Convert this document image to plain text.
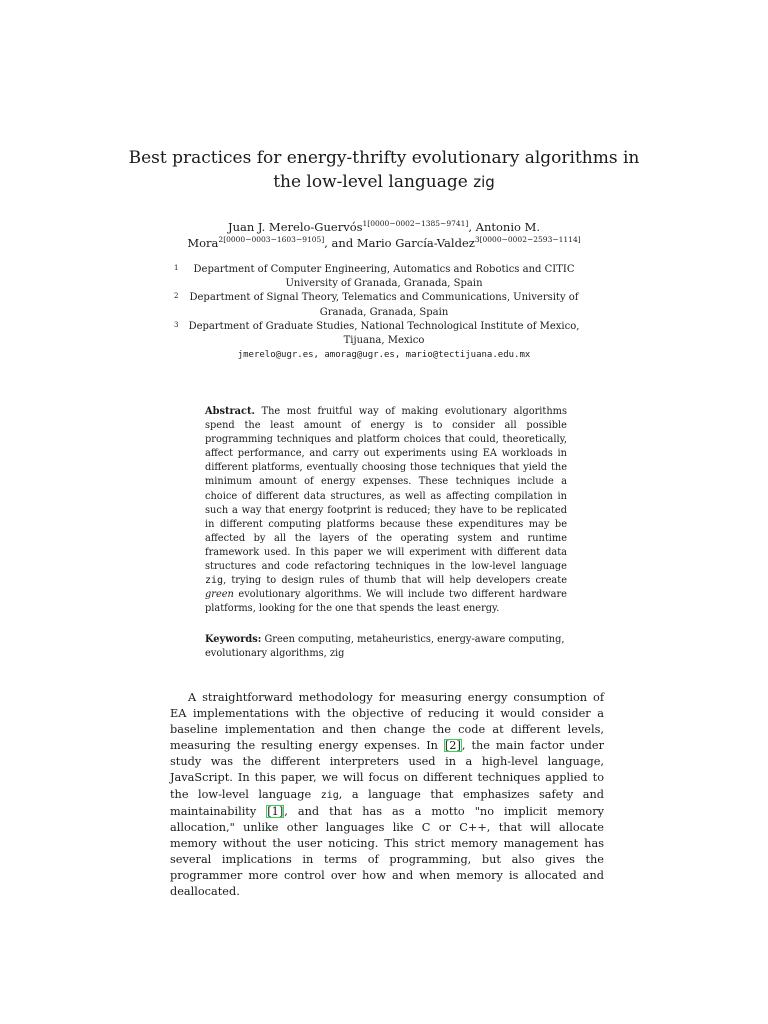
Best practices for energy-thrifty evolutionary algorithms in the low-level language zig
Juan J. Merelo-Guervós$^{1[0000-0002-1385-9741]}$, Antonio M.
Mora$^{2[0000-0003-1603-9105]}$, and Mario García-Valdez$^{3[0000-0002-2593-1114]}$

1 Department of Computer Engineering, Automatics and Robotics and CITIC University of Granada, Granada, Spain

2 Department of Signal Theory, Telematics and Communications, University of Granada, Granada, Spain

3 Department of Graduate Studies, National Technological Institute of Mexico, Tijuana, Mexico

jmerelo@ugr.es, amorag@ugr.es, mario@tectijuana.edu.mx

Abstract. The most fruitful way of making evolutionary algorithms spend the least amount of energy is to consider all possible programming techniques and platform choices that could, theoretically, affect performance, and carry out experiments using EA workloads in different platforms, eventually choosing those techniques that yield the minimum amount of energy expenses. These techniques include a choice of different data structures, as well as affecting compilation in such a way that energy footprint is reduced; they have to be replicated in different computing platforms because these expenditures may be affected by all the layers of the operating system and runtime framework used. In this paper we will experiment with different data structures and code refactoring techniques in the low-level language zig, trying to design rules of thumb that will help developers create green evolutionary algorithms. We will include two different hardware platforms, looking for the one that spends the least energy.

Keywords: Green computing, metaheuristics, energy-aware computing, evolutionary algorithms, zig

A straightforward methodology for measuring energy consumption of EA implementations with the objective of reducing it would consider a baseline implementation and then change the code at different levels, measuring the resulting energy expenses. In [2], the main factor under study was the different interpreters used in a high-level language, JavaScript. In this paper, we will focus on different techniques applied to the low-level language zig, a language that emphasizes safety and maintainability [1], and that has as a motto "no implicit memory allocation," unlike other languages like C or C++, that will allocate memory without the user noticing. This strict memory management has several implications in terms of programming, but also gives the programmer more control over how and when memory is allocated and deallocated.
